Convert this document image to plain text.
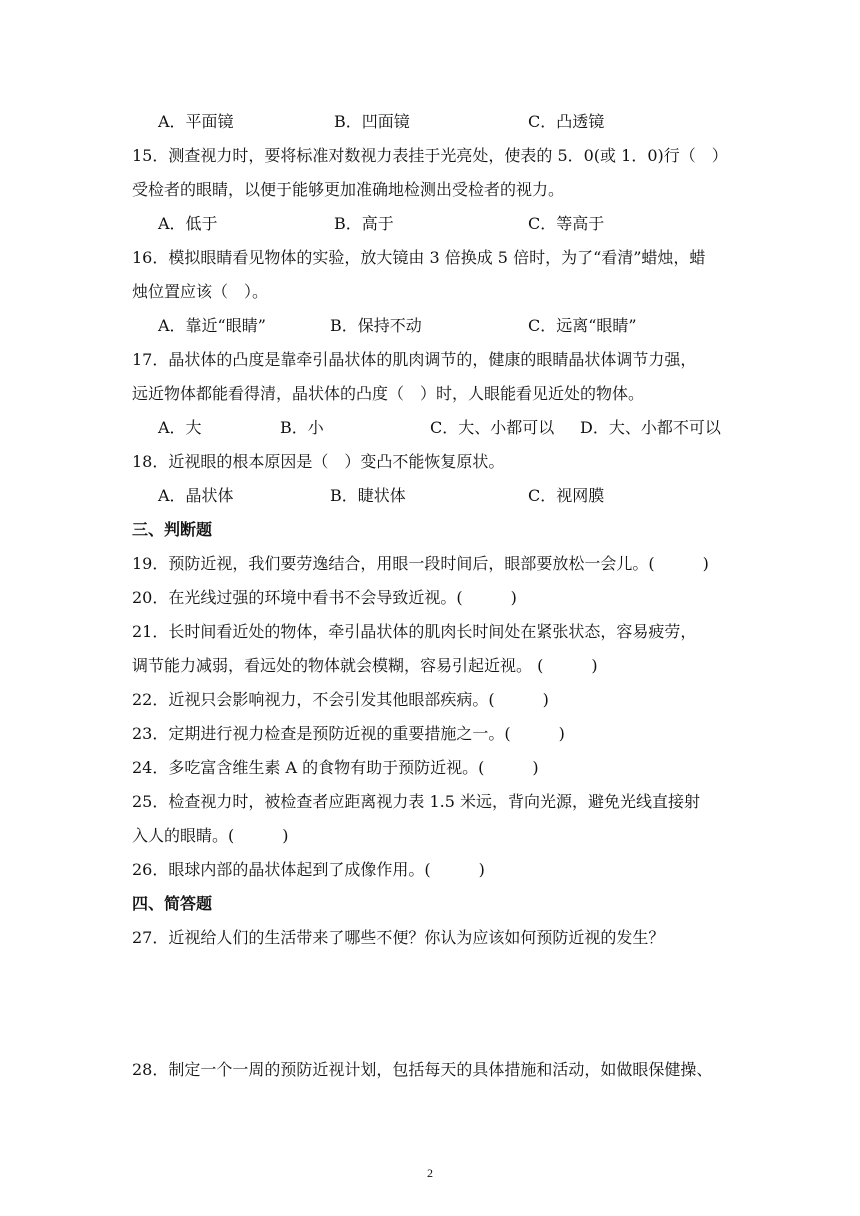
A．平面镜	B．凹面镜	C．凸透镜
15．测查视力时，要将标准对数视力表挂于光亮处，使表的 5．0(或 1．0)行（　）
受检者的眼睛，以便于能够更加准确地检测出受检者的视力。
A．低于	B．高于	C．等高于
16．模拟眼睛看见物体的实验，放大镜由 3 倍换成 5 倍时，为了“看清”蜡烛，蜡
烛位置应该（　）。
A．靠近“眼睛”	B．保持不动	C．远离“眼睛”
17．晶状体的凸度是靠牵引晶状体的肌肉调节的，健康的眼睛晶状体调节力强，
远近物体都能看得清，晶状体的凸度（　）时，人眼能看见近处的物体。
A．大	B．小	C．大、小都可以 D．大、小都不可以
18．近视眼的根本原因是（　）变凸不能恢复原状。
A．晶状体	B．睫状体	C．视网膜
三、判断题
19．预防近视，我们要劳逸结合，用眼一段时间后，眼部要放松一会儿。(　　　)
20．在光线过强的环境中看书不会导致近视。(　　　)
21．长时间看近处的物体，牵引晶状体的肌肉长时间处在紧张状态，容易疲劳，
调节能力减弱，看远处的物体就会模糊，容易引起近视。 (　　　)
22．近视只会影响视力，不会引发其他眼部疾病。(　　　)
23．定期进行视力检查是预防近视的重要措施之一。(　　　)
24．多吃富含维生素 A 的食物有助于预防近视。(　　　)
25．检查视力时，被检查者应距离视力表 1.5 米远，背向光源，避免光线直接射
入人的眼睛。(　　　)
26．眼球内部的晶状体起到了成像作用。(　　　)
四、简答题
27．近视给人们的生活带来了哪些不便？你认为应该如何预防近视的发生？
28．制定一个一周的预防近视计划，包括每天的具体措施和活动，如做眼保健操、
2
